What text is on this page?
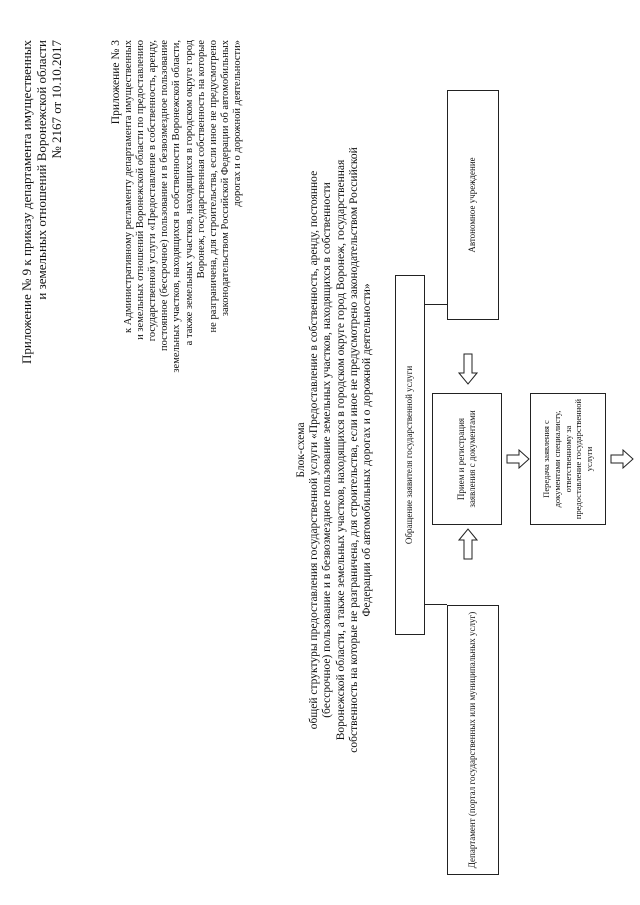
Приложение № 9 к приказу департамента имущественных и земельных отношений Воронежской области № 2167 от 10.10.2017	Приложение № 3 к Административному регламенту департамента имущественных и земельных отношений Воронежской области по предоставлению государственной услуги «Предоставление в собственность, аренду, постоянное (бессрочное) пользование и в безвозмездное пользование земельных участков, находящихся в собственности Воронежской области, а также земельных участков, находящихся в городском округе город Воронеж, государственная собственность на которые не разграничена, для строительства, если иное не предусмотрено законодательством Российской Федерации об автомобильных дорогах и о дорожной деятельности»
Блок-схема общей структуры предоставления государственной услуги «Предоставление в собственность, аренду, постоянное (бессрочное) пользование и в безвозмездное пользование земельных участков, находящихся в собственности Воронежской области, а также земельных участков, находящихся в городском округе город Воронеж, государственная собственность на которые не разграничена, для строительства, если иное не предусмотрено законодательством Российской Федерации об автомобильных дорогах и о дорожной деятельности»	Обращение заявителя государственной услуги
Департамент (портал государственных или муниципальных услуг)
Автономное учреждение
Прием и регистрация заявления с документами	Передача заявления с документами специалисту, ответственному за предоставление государственной услуги
